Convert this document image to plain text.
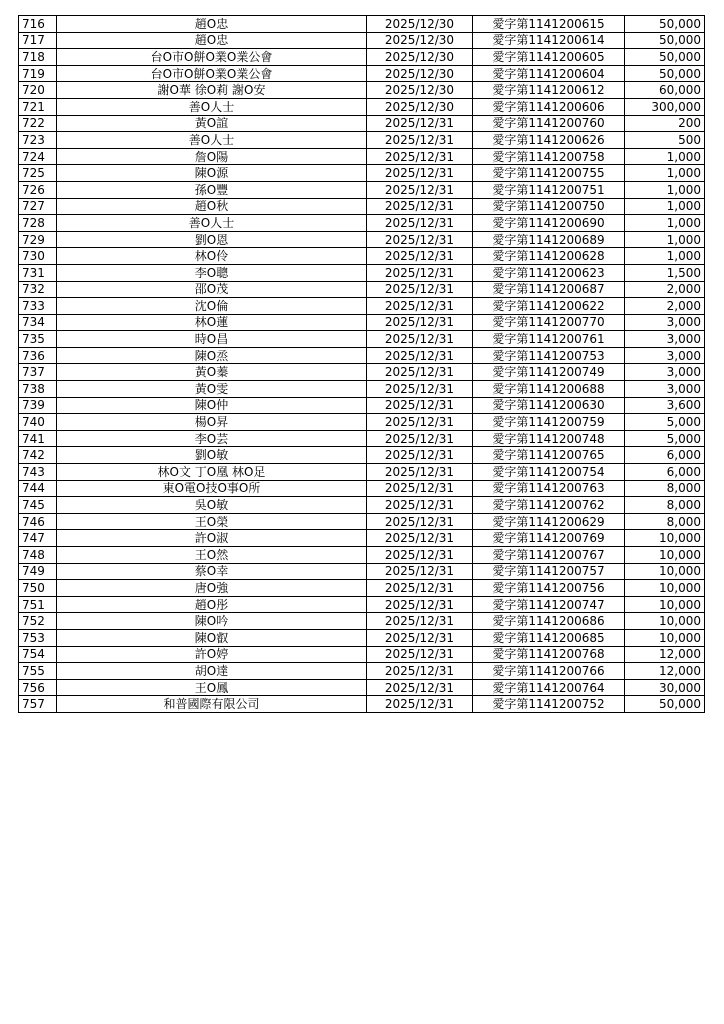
716	趙O忠	2025/12/30	愛字第1141200615	50,000
717	趙O忠	2025/12/30	愛字第1141200614	50,000
718	台O市O餅O業O業公會	2025/12/30	愛字第1141200605	50,000
719	台O市O餅O業O業公會	2025/12/30	愛字第1141200604	50,000
720	謝O華 徐O莉 謝O安	2025/12/30	愛字第1141200612	60,000
721	善O人士	2025/12/30	愛字第1141200606	300,000
722	黃O誼	2025/12/31	愛字第1141200760	200
723	善O人士	2025/12/31	愛字第1141200626	500
724	詹O陽	2025/12/31	愛字第1141200758	1,000
725	陳O源	2025/12/31	愛字第1141200755	1,000
726	孫O豐	2025/12/31	愛字第1141200751	1,000
727	趙O秋	2025/12/31	愛字第1141200750	1,000
728	善O人士	2025/12/31	愛字第1141200690	1,000
729	劉O恩	2025/12/31	愛字第1141200689	1,000
730	林O伶	2025/12/31	愛字第1141200628	1,000
731	李O聰	2025/12/31	愛字第1141200623	1,500
732	邵O茂	2025/12/31	愛字第1141200687	2,000
733	沈O倫	2025/12/31	愛字第1141200622	2,000
734	林O蓮	2025/12/31	愛字第1141200770	3,000
735	時O昌	2025/12/31	愛字第1141200761	3,000
736	陳O烝	2025/12/31	愛字第1141200753	3,000
737	黃O蓁	2025/12/31	愛字第1141200749	3,000
738	黃O雯	2025/12/31	愛字第1141200688	3,000
739	陳O仲	2025/12/31	愛字第1141200630	3,600
740	楊O昇	2025/12/31	愛字第1141200759	5,000
741	李O芸	2025/12/31	愛字第1141200748	5,000
742	劉O敏	2025/12/31	愛字第1141200765	6,000
743	林O文 丁O凰 林O足	2025/12/31	愛字第1141200754	6,000
744	東O電O技O事O所	2025/12/31	愛字第1141200763	8,000
745	吳O敏	2025/12/31	愛字第1141200762	8,000
746	王O榮	2025/12/31	愛字第1141200629	8,000
747	許O淑	2025/12/31	愛字第1141200769	10,000
748	王O然	2025/12/31	愛字第1141200767	10,000
749	蔡O幸	2025/12/31	愛字第1141200757	10,000
750	唐O強	2025/12/31	愛字第1141200756	10,000
751	趙O彤	2025/12/31	愛字第1141200747	10,000
752	陳O吟	2025/12/31	愛字第1141200686	10,000
753	陳O叡	2025/12/31	愛字第1141200685	10,000
754	許O婷	2025/12/31	愛字第1141200768	12,000
755	胡O達	2025/12/31	愛字第1141200766	12,000
756	王O鳳	2025/12/31	愛字第1141200764	30,000
757	和普國際有限公司	2025/12/31	愛字第1141200752	50,000
